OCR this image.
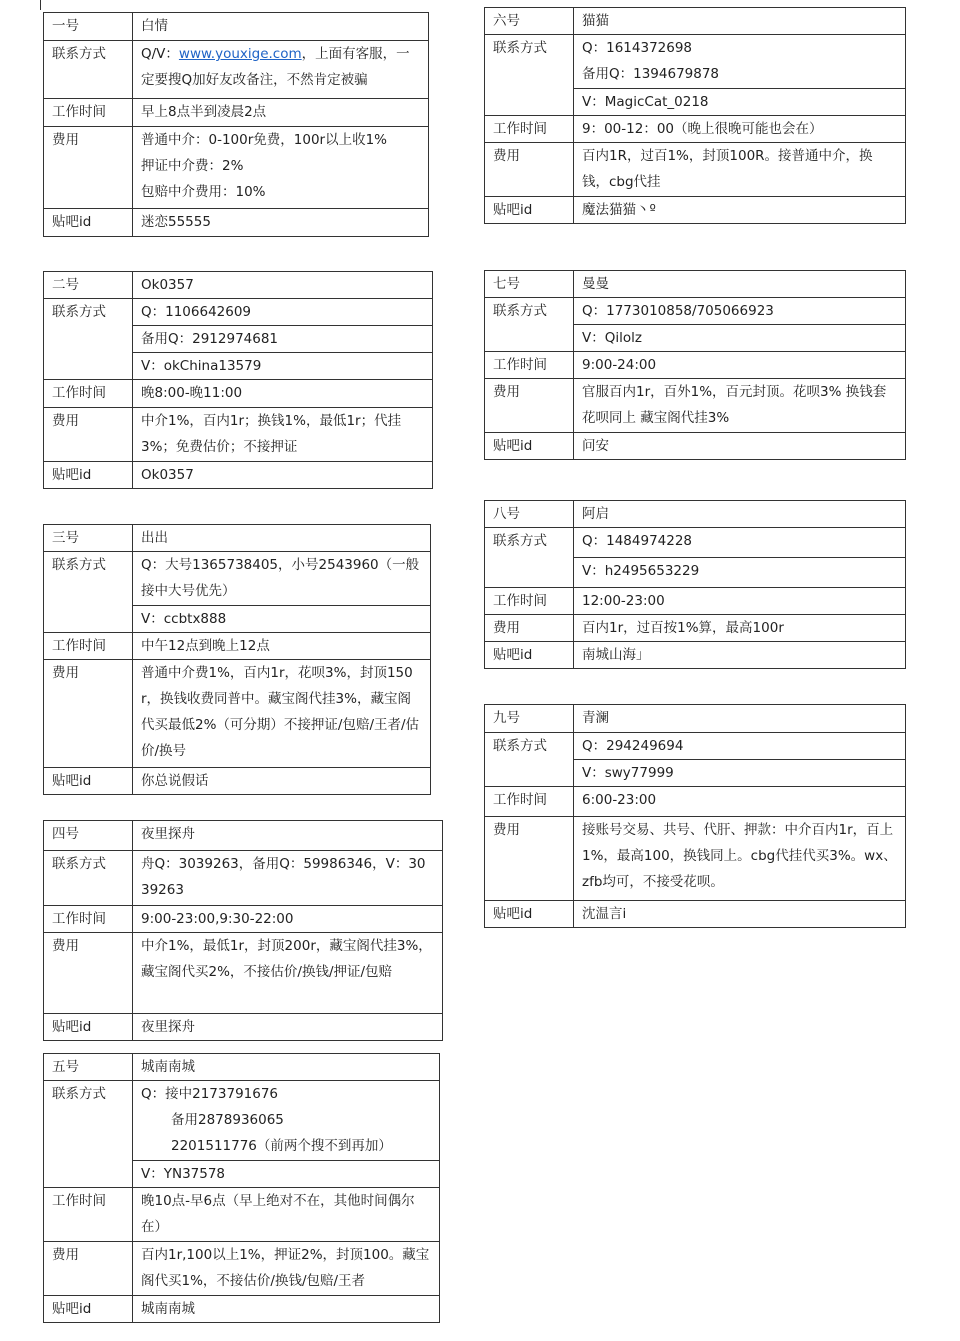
一号	白情
联系方式	Q/V：www.youxige.com，上面有客服，一定要搜Q加好友改备注，不然肯定被骗
工作时间	早上8点半到凌晨2点
费用	普通中介：0-100r免费，100r以上收1%
押证中介费：2%
包赔中介费用：10%

贴吧id	迷恋55555
二号	Ok0357
联系方式	Q：1106642609
	备用Q：2912974681
	V：okChina13579
工作时间	晚8:00-晚11:00
费用	中介1%，百内1r；换钱1%，最低1r；代挂3%；免费估价；不接押证
贴吧id	Ok0357
三号	出出
联系方式	Q：大号1365738405，小号2543960（一般接中大号优先）
	V：ccbtx888
工作时间	中午12点到晚上12点
费用	普通中介费1%，百内1r，花呗3%，封顶150r，换钱收费同普中。藏宝阁代挂3%，藏宝阁代买最低2%（可分期）不接押证/包赔/王者/估价/换号
贴吧id	你总说假话
四号	夜里探舟
联系方式	舟Q：3039263，备用Q：59986346，V：3039263
工作时间	9:00-23:00,9:30-22:00
费用	中介1%，最低1r，封顶200r，藏宝阁代挂3%，藏宝阁代买2%，不接估价/换钱/押证/包赔
贴吧id	夜里探舟
五号	城南南城
联系方式	Q：接中2173791676
备用2878936065
2201511776（前两个搜不到再加）

	V：YN37578
工作时间	晚10点-早6点（早上绝对不在，其他时间偶尔在）
费用	百内1r,100以上1%，押证2%，封顶100。藏宝阁代买1%，不接估价/换钱/包赔/王者
贴吧id	城南南城
六号	猫猫
联系方式	Q：1614372698
备用Q：1394679878

	V：MagicCat_0218
工作时间	9：00-12：00（晚上很晚可能也会在）
费用	百内1R，过百1%，封顶100R。接普通中介，换钱，cbg代挂
贴吧id	魔法猫猫丶º
七号	曼曼
联系方式	Q：1773010858/705066923
	V：Qilolz
工作时间	9:00-24:00
费用	官服百内1r，百外1%，百元封顶。花呗3% 换钱套花呗同上 藏宝阁代挂3%
贴吧id	问安
八号	阿启
联系方式	Q：1484974228
	V：h2495653229
工作时间	12:00-23:00
费用	百内1r，过百按1%算，最高100r
贴吧id	南城山海」
九号	青澜
联系方式	Q：294249694
	V：swy77999
工作时间	6:00-23:00
费用	接账号交易、共号、代肝、押款：中介百内1r，百上1%，最高100，换钱同上。cbg代挂代买3%。wx、zfb均可，不接受花呗。
贴吧id	沈温言i
